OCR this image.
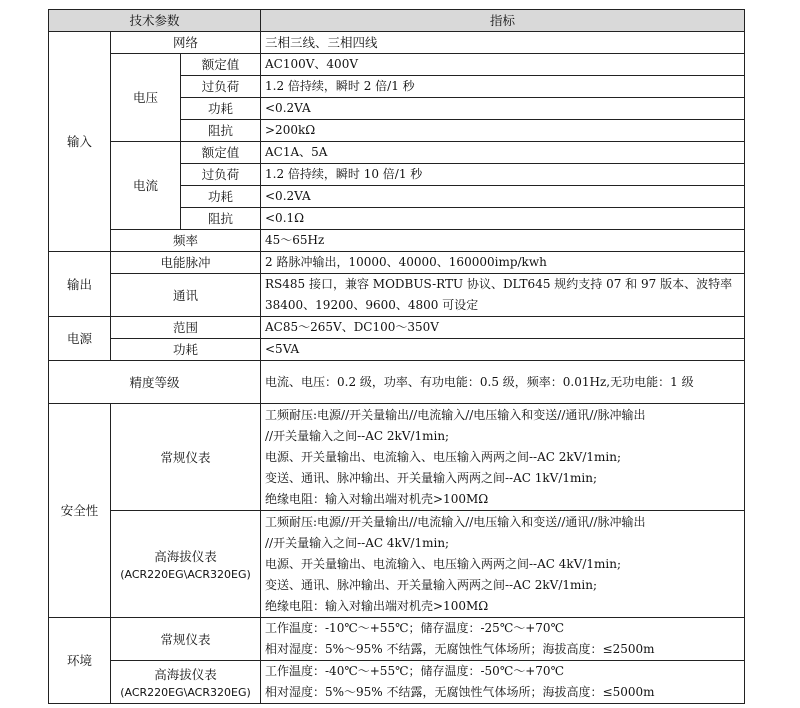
技术参数			指标
输入	网络		三相三线、三相四线
	电压	额定值	AC100V、400V
		过负荷	1.2 倍持续，瞬时 2 倍/1 秒
		功耗	<0.2VA
		阻抗	>200kΩ
	电流	额定值	AC1A、5A
		过负荷	1.2 倍持续，瞬时 10 倍/1 秒
		功耗	<0.2VA
		阻抗	<0.1Ω
	频率		45～65Hz
输出	电能脉冲		2 路脉冲输出，10000、40000、160000imp/kwh
	通讯		RS485 接口，兼容 MODBUS-RTU 协议、DLT645 规约支持 07 和 97 版本、波特率 38400、19200、9600、4800 可设定

电源	范围		AC85～265V、DC100～350V
	功耗		<5VA
精度等级			电流、电压：0.2 级，功率、有功电能：0.5 级，频率：0.01Hz,无功电能：1 级

安全性	常规仪表		工频耐压:电源//开关量输出//电流输入//电压输入和变送//通讯//脉冲输出
//开关量输入之间--AC 2kV/1min;
电源、开关量输出、电流输入、电压输入两两之间--AC 2kV/1min;
变送、通讯、脉冲输出、开关量输入两两之间--AC 1kV/1min;
绝缘电阻：输入对输出端对机壳>100MΩ

	高海拔仪表
(ACR220EG\ACR320EG)		工频耐压:电源//开关量输出//电流输入//电压输入和变送//通讯//脉冲输出
//开关量输入之间--AC 4kV/1min;
电源、开关量输出、电流输入、电压输入两两之间--AC 4kV/1min;
变送、通讯、脉冲输出、开关量输入两两之间--AC 2kV/1min;
绝缘电阻：输入对输出端对机壳>100MΩ

环境	常规仪表		工作温度：-10℃～+55℃；储存温度：-25℃～+70℃
相对湿度：5%～95% 不结露，无腐蚀性气体场所；海拔高度：≤2500m

	高海拔仪表
(ACR220EG\ACR320EG)		工作温度：-40℃～+55℃；储存温度：-50℃～+70℃
相对湿度：5%～95% 不结露，无腐蚀性气体场所；海拔高度：≤5000m
